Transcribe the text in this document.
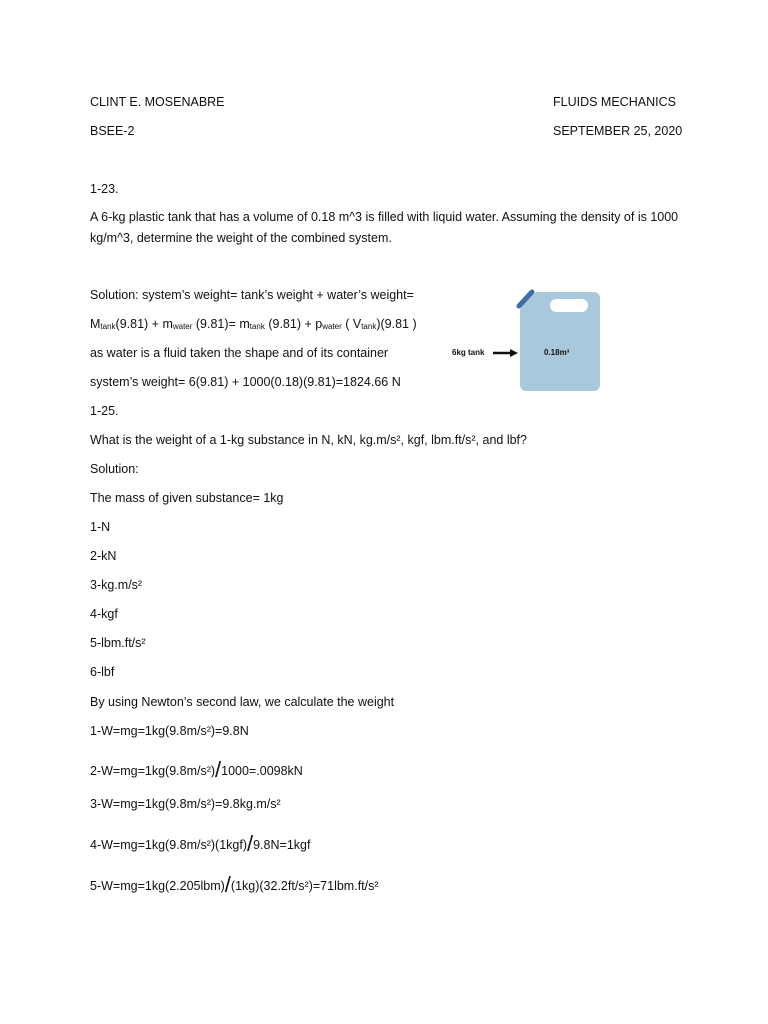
CLINT E. MOSENABRE
BSEE-2
FLUIDS MECHANICS
SEPTEMBER 25, 2020
1-23.
A 6-kg plastic tank that has a volume of 0.18 m^3 is filled with liquid water. Assuming the density of is 1000 kg/m^3, determine the weight of the combined system.
Solution: system’s weight= tank’s weight + water’s weight=
$M_{tank}(9.81) + m_{water}$ $(9.81)= m_{tank}$ $(9.81) + p_{water}$ ( $V_{tank})(9.81$ )
as water is a fluid taken the shape and of its container
system’s weight= 6(9.81) + 1000(0.18)(9.81)=1824.66 N
6kg tank	0.18m³
1-25.
What is the weight of a 1-kg substance in N, kN, kg.m/s², kgf, lbm.ft/s², and lbf?
Solution:
The mass of given substance= 1kg
1-N
2-kN
3-kg.m/s²
4-kgf
5-lbm.ft/s²
6-lbf
By using Newton’s second law, we calculate the weight
1-W=mg=1kg(9.8m/s²)=9.8N
2-W=mg=1kg(9.8m/s²)/1000=.0098kN
3-W=mg=1kg(9.8m/s²)=9.8kg.m/s²
4-W=mg=1kg(9.8m/s²)(1kgf)/9.8N=1kgf
5-W=mg=1kg(2.205lbm)/(1kg)(32.2ft/s²)=71lbm.ft/s²
